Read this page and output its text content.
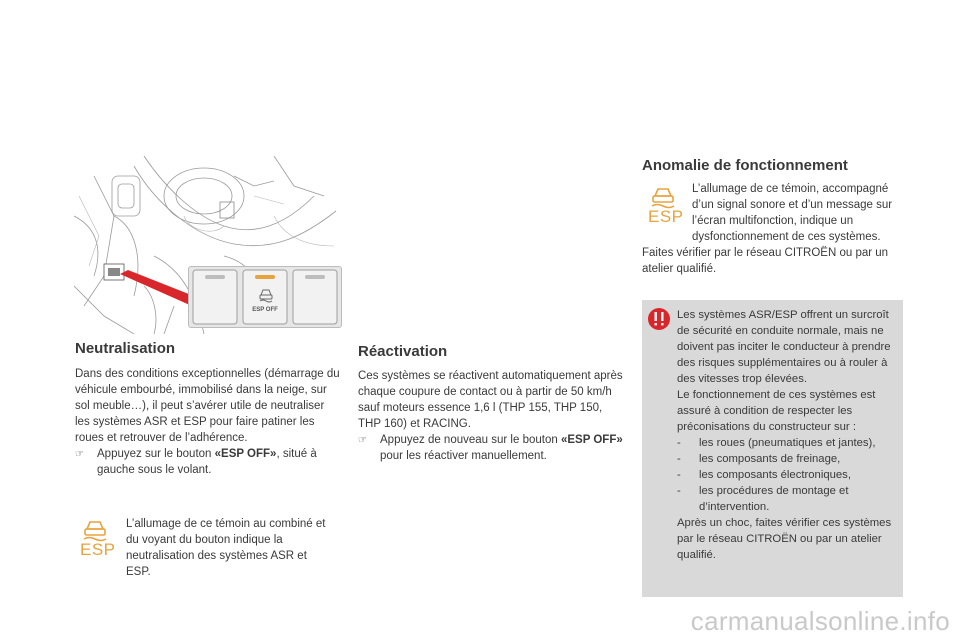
ESP OFF
Neutralisation

Dans des conditions exceptionnelles (démarrage du véhicule embourbé, immobilisé dans la neige, sur sol meuble…), il peut s’avérer utile de neutraliser les systèmes ASR et ESP pour faire patiner les roues et retrouver de l’adhérence.

☞	Appuyez sur le bouton «ESP OFF», situé à gauche sous le volant.
ESP

L’allumage de ce témoin au combiné et du voyant du bouton indique la neutralisation des systèmes ASR et ESP.

Réactivation

Ces systèmes se réactivent automatiquement après chaque coupure de contact ou à partir de 50 km/h sauf moteurs essence 1,6 l (THP 155, THP 150, THP 160) et RACING.

☞	Appuyez de nouveau sur le bouton «ESP OFF» pour les réactiver manuellement.
Anomalie de fonctionnement
ESP

L’allumage de ce témoin, accompagné d’un signal sonore et d’un message sur l’écran multifonction, indique un dysfonctionnement de ces systèmes.

Faites vérifier par le réseau CITROËN ou par un atelier qualifié.

Les systèmes ASR/ESP offrent un surcroît de sécurité en conduite normale, mais ne doivent pas inciter le conducteur à prendre des risques supplémentaires ou à rouler à des vitesses trop élevées.

Le fonctionnement de ces systèmes est assuré à condition de respecter les préconisations du constructeur sur :

-	les roues (pneumatiques et jantes),
-	les composants de freinage,
-	les composants électroniques,
-	les procédures de montage et d’intervention.

Après un choc, faites vérifier ces systèmes par le réseau CITROËN ou par un atelier qualifié.

carmanualsonline.info
